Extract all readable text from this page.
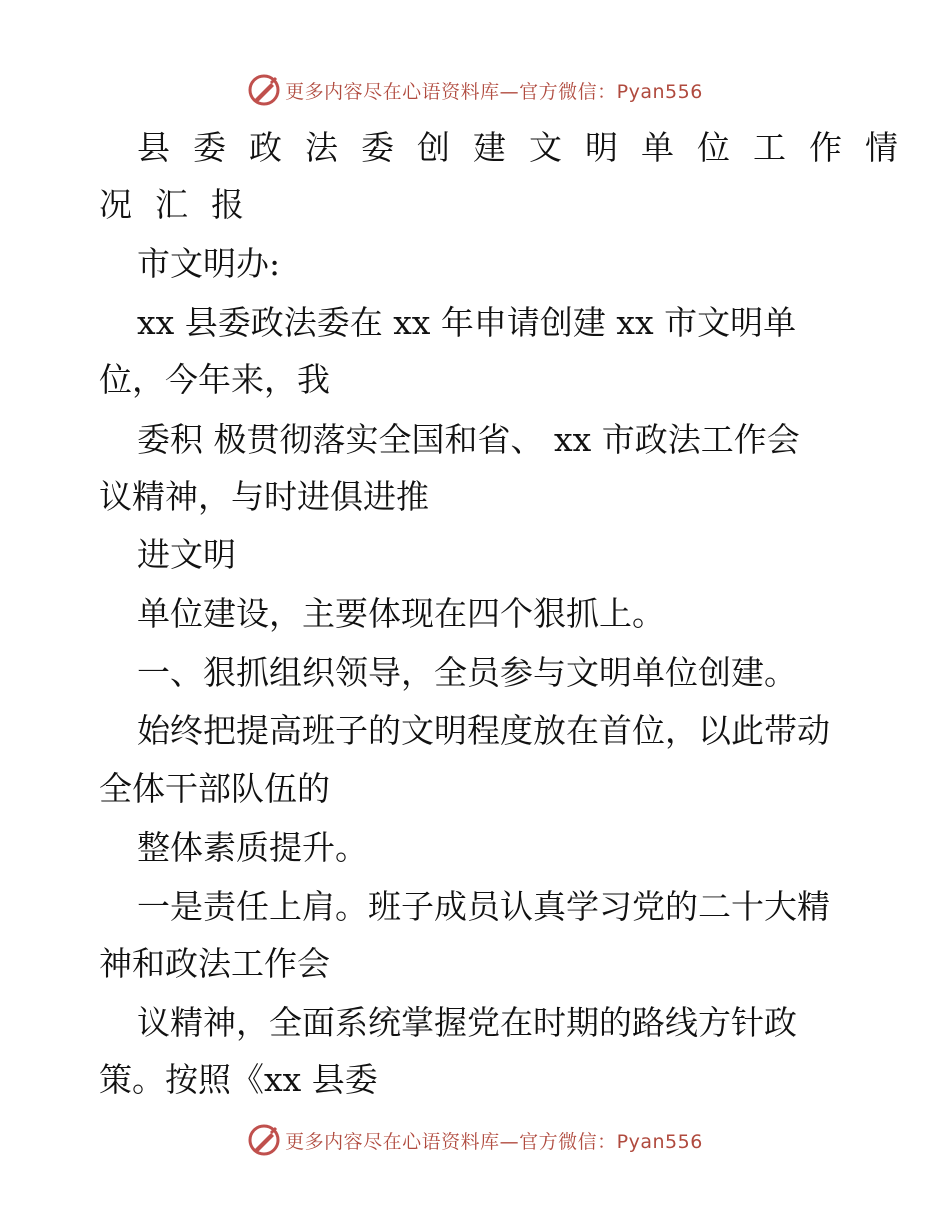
更多内容尽在心语资料库—官方微信：Pyan556
县委政法委创建文明单位工作情
况汇报
市文明办:
xx 县委政法委在 xx 年申请创建 xx 市文明单
位，今年来，我
委积 极贯彻落实全国和省、 xx 市政法工作会
议精神，与时进俱进推
进文明
单位建设，主要体现在四个狠抓上。
一、狠抓组织领导，全员参与文明单位创建。
始终把提高班子的文明程度放在首位，以此带动
全体干部队伍的
整体素质提升。
一是责任上肩。班子成员认真学习党的二十大精
神和政法工作会
议精神，全面系统掌握党在时期的路线方针政
策。按照《xx 县委
更多内容尽在心语资料库—官方微信：Pyan556
